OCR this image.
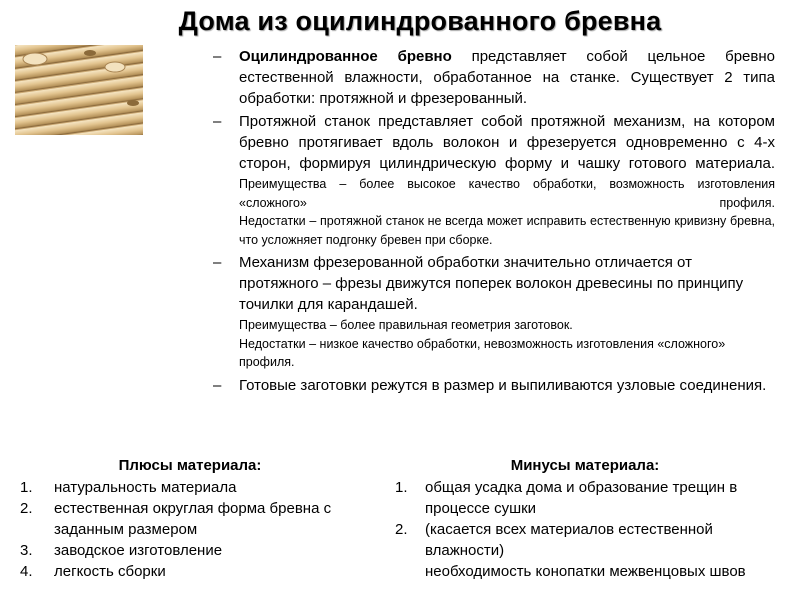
Дома из оцилиндрованного бревна
– Оцилиндрованное бревно представляет собой цельное бревно естественной влажности, обработанное на станке. Существует 2 типа обработки: протяжной и фрезерованный.
– Протяжной станок представляет собой протяжной механизм, на котором бревно протягивает вдоль волокон и фрезеруется одновременно с 4-х сторон, формируя цилиндрическую форму и чашку готового материала.
Преимущества – более высокое качество обработки, возможность изготовления «сложного» профиля.
Недостатки – протяжной станок не всегда может исправить естественную кривизну бревна, что усложняет подгонку бревен при сборке.
– Механизм фрезерованной обработки значительно отличается от протяжного – фрезы движутся поперек волокон древесины по принципу точилки для карандашей.
Преимущества – более правильная геометрия заготовок.
Недостатки – низкое качество обработки, невозможность изготовления «сложного» профиля.
– Готовые заготовки режутся в размер и выпиливаются узловые соединения.
Плюсы материала:
1. натуральность материала
2. естественная округлая форма бревна с заданным размером
3. заводское изготовление
4. легкость сборки
Минусы материала:
1. общая усадка дома и образование трещин в процессе сушки
2. (касается всех материалов естественной влажности)
необходимость конопатки межвенцовых швов
